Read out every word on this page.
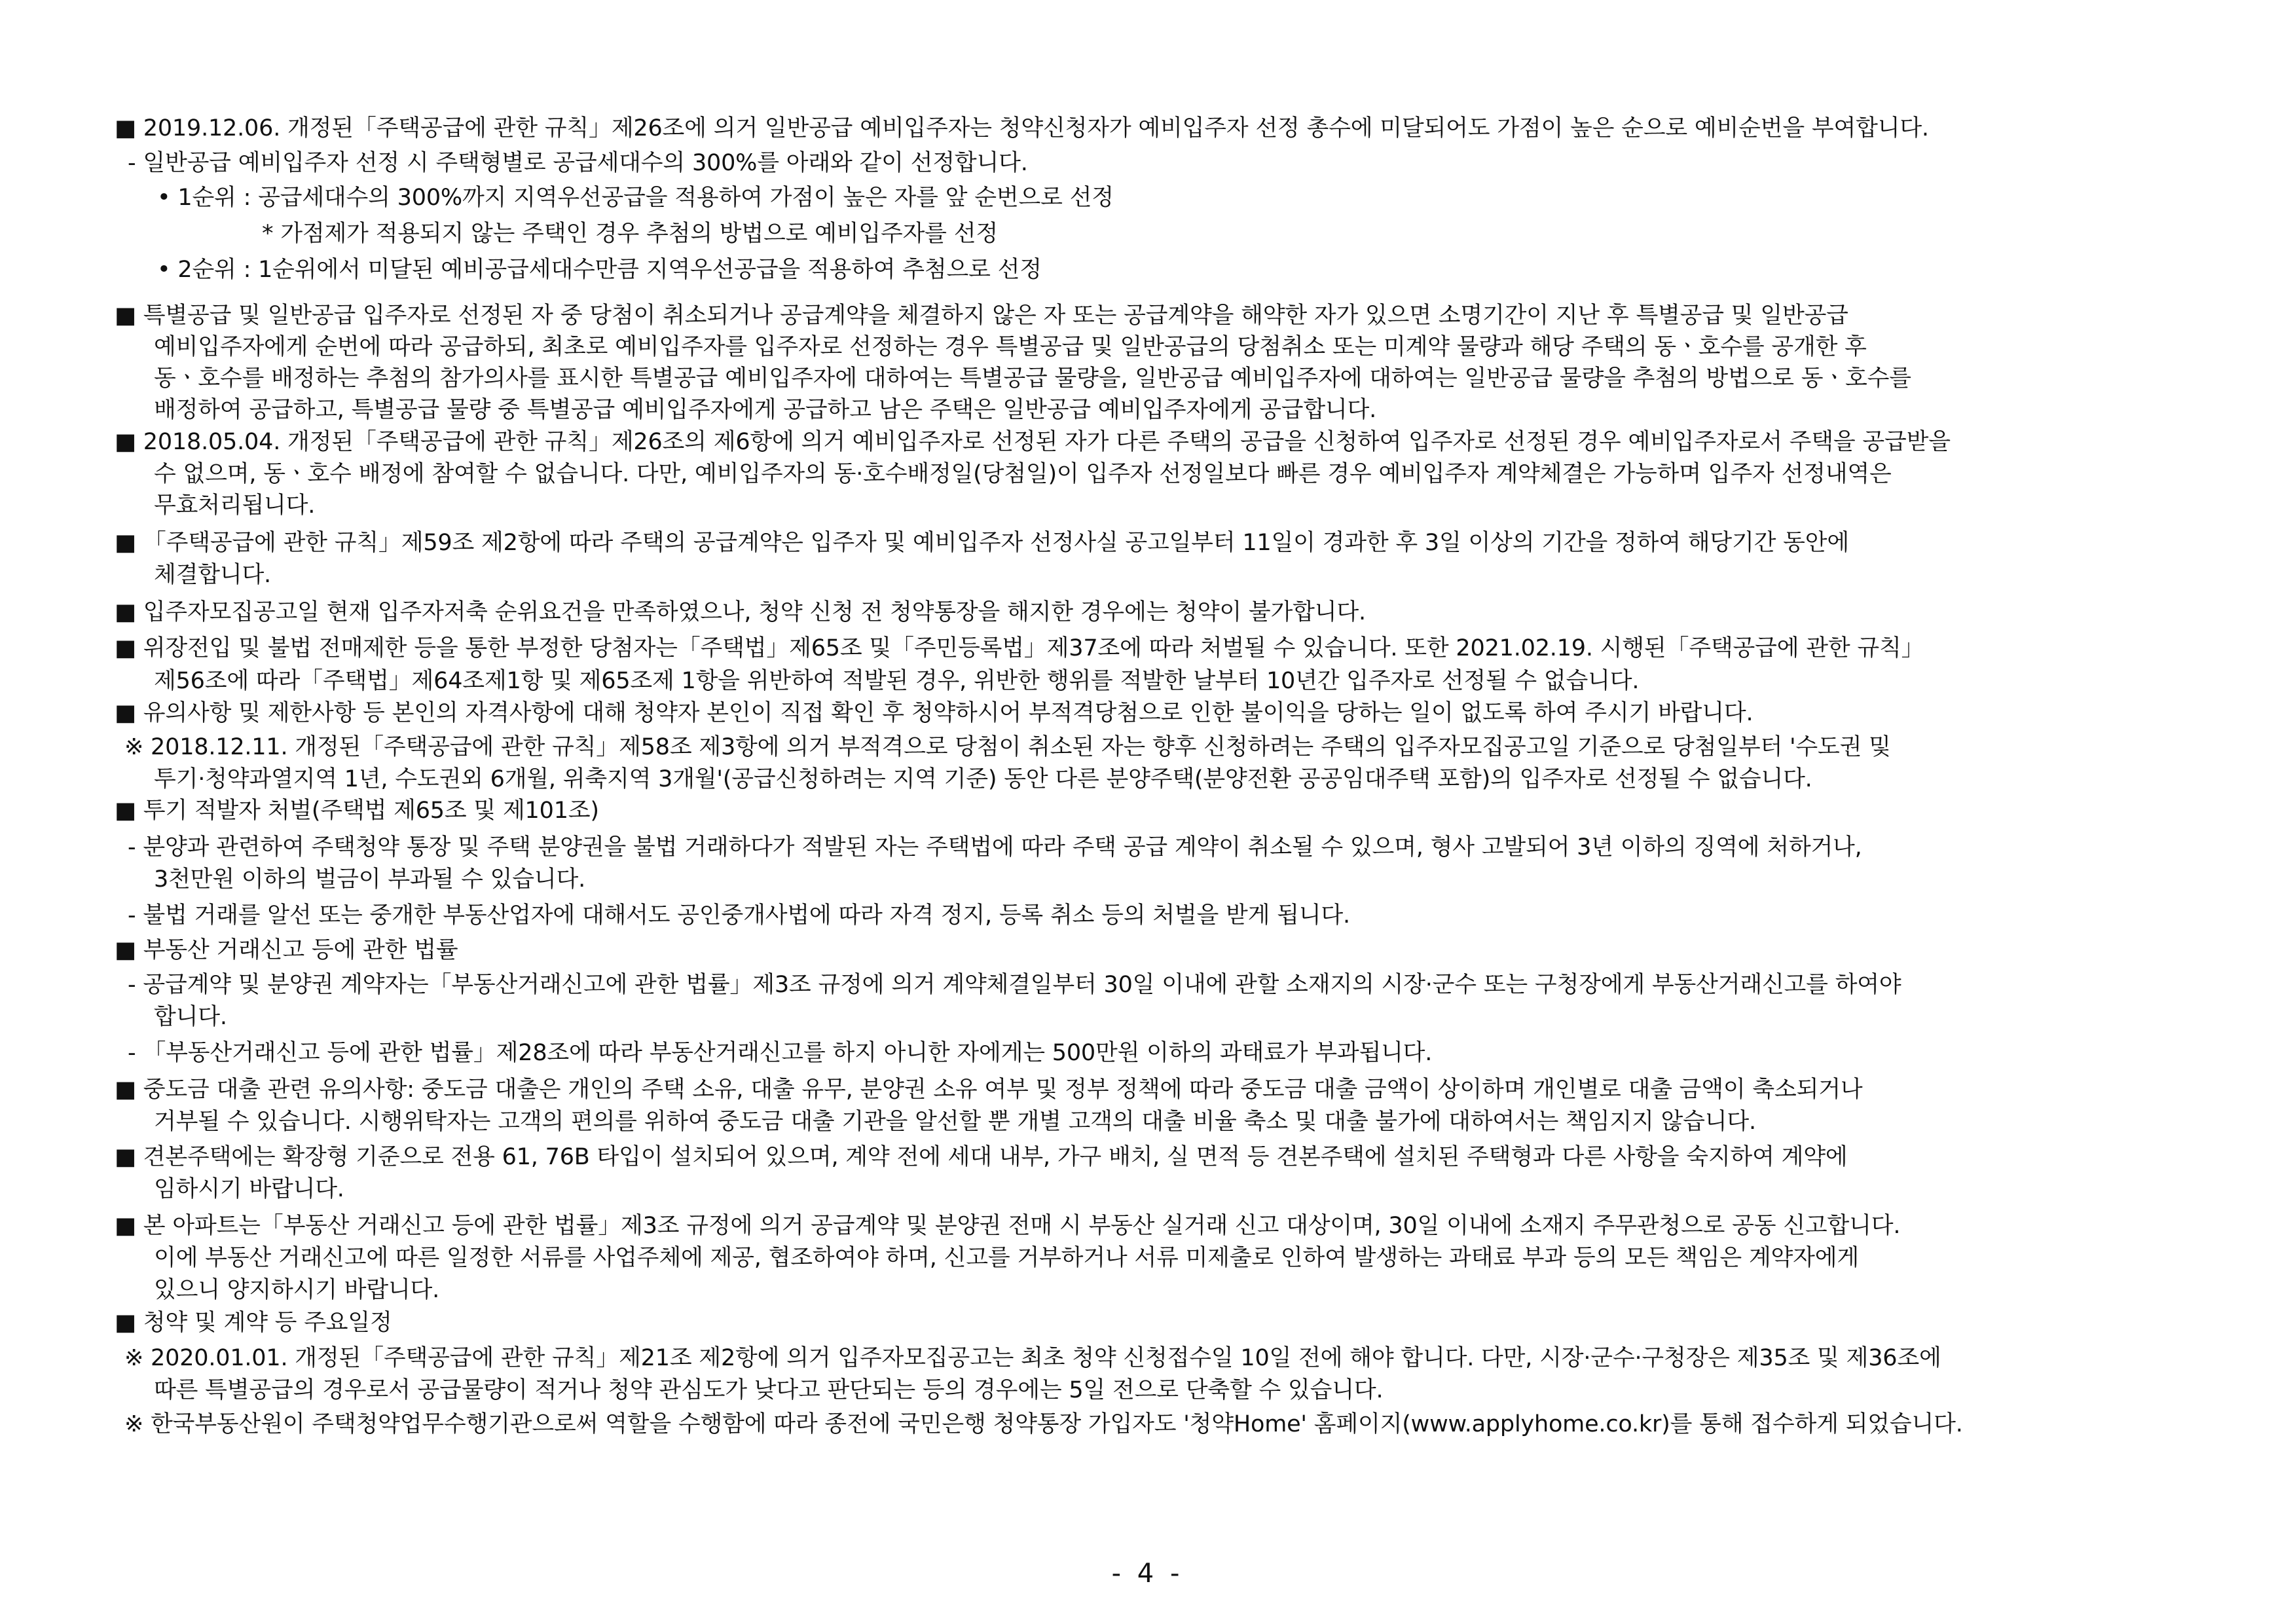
■ 2019.12.06. 개정된「주택공급에 관한 규칙」제26조에 의거 일반공급 예비입주자는 청약신청자가 예비입주자 선정 총수에 미달되어도 가점이 높은 순으로 예비순번을 부여합니다.
- 일반공급 예비입주자 선정 시 주택형별로 공급세대수의 300%를 아래와 같이 선정합니다.
• 1순위 : 공급세대수의 300%까지 지역우선공급을 적용하여 가점이 높은 자를 앞 순번으로 선정
* 가점제가 적용되지 않는 주택인 경우 추첨의 방법으로 예비입주자를 선정
• 2순위 : 1순위에서 미달된 예비공급세대수만큼 지역우선공급을 적용하여 추첨으로 선정
■ 특별공급 및 일반공급 입주자로 선정된 자 중 당첨이 취소되거나 공급계약을 체결하지 않은 자 또는 공급계약을 해약한 자가 있으면 소명기간이 지난 후 특별공급 및 일반공급
예비입주자에게 순번에 따라 공급하되, 최초로 예비입주자를 입주자로 선정하는 경우 특별공급 및 일반공급의 당첨취소 또는 미계약 물량과 해당 주택의 동ㆍ호수를 공개한 후
동ㆍ호수를 배정하는 추첨의 참가의사를 표시한 특별공급 예비입주자에 대하여는 특별공급 물량을, 일반공급 예비입주자에 대하여는 일반공급 물량을 추첨의 방법으로 동ㆍ호수를
배정하여 공급하고, 특별공급 물량 중 특별공급 예비입주자에게 공급하고 남은 주택은 일반공급 예비입주자에게 공급합니다.
■ 2018.05.04. 개정된「주택공급에 관한 규칙」제26조의 제6항에 의거 예비입주자로 선정된 자가 다른 주택의 공급을 신청하여 입주자로 선정된 경우 예비입주자로서 주택을 공급받을
수 없으며, 동ㆍ호수 배정에 참여할 수 없습니다. 다만, 예비입주자의 동·호수배정일(당첨일)이 입주자 선정일보다 빠른 경우 예비입주자 계약체결은 가능하며 입주자 선정내역은
무효처리됩니다.
■ 「주택공급에 관한 규칙」제59조 제2항에 따라 주택의 공급계약은 입주자 및 예비입주자 선정사실 공고일부터 11일이 경과한 후 3일 이상의 기간을 정하여 해당기간 동안에
체결합니다.
■ 입주자모집공고일 현재 입주자저축 순위요건을 만족하였으나, 청약 신청 전 청약통장을 해지한 경우에는 청약이 불가합니다.
■ 위장전입 및 불법 전매제한 등을 통한 부정한 당첨자는「주택법」제65조 및「주민등록법」제37조에 따라 처벌될 수 있습니다. 또한 2021.02.19. 시행된「주택공급에 관한 규칙」
제56조에 따라「주택법」제64조제1항 및 제65조제 1항을 위반하여 적발된 경우, 위반한 행위를 적발한 날부터 10년간 입주자로 선정될 수 없습니다.
■ 유의사항 및 제한사항 등 본인의 자격사항에 대해 청약자 본인이 직접 확인 후 청약하시어 부적격당첨으로 인한 불이익을 당하는 일이 없도록 하여 주시기 바랍니다.
※ 2018.12.11. 개정된「주택공급에 관한 규칙」제58조 제3항에 의거 부적격으로 당첨이 취소된 자는 향후 신청하려는 주택의 입주자모집공고일 기준으로 당첨일부터 '수도권 및
투기·청약과열지역 1년, 수도권외 6개월, 위축지역 3개월'(공급신청하려는 지역 기준) 동안 다른 분양주택(분양전환 공공임대주택 포함)의 입주자로 선정될 수 없습니다.
■ 투기 적발자 처벌(주택법 제65조 및 제101조)
- 분양과 관련하여 주택청약 통장 및 주택 분양권을 불법 거래하다가 적발된 자는 주택법에 따라 주택 공급 계약이 취소될 수 있으며, 형사 고발되어 3년 이하의 징역에 처하거나,
3천만원 이하의 벌금이 부과될 수 있습니다.
- 불법 거래를 알선 또는 중개한 부동산업자에 대해서도 공인중개사법에 따라 자격 정지, 등록 취소 등의 처벌을 받게 됩니다.
■ 부동산 거래신고 등에 관한 법률
- 공급계약 및 분양권 계약자는「부동산거래신고에 관한 법률」제3조 규정에 의거 계약체결일부터 30일 이내에 관할 소재지의 시장·군수 또는 구청장에게 부동산거래신고를 하여야
합니다.
- 「부동산거래신고 등에 관한 법률」제28조에 따라 부동산거래신고를 하지 아니한 자에게는 500만원 이하의 과태료가 부과됩니다.
■ 중도금 대출 관련 유의사항: 중도금 대출은 개인의 주택 소유, 대출 유무, 분양권 소유 여부 및 정부 정책에 따라 중도금 대출 금액이 상이하며 개인별로 대출 금액이 축소되거나
거부될 수 있습니다. 시행위탁자는 고객의 편의를 위하여 중도금 대출 기관을 알선할 뿐 개별 고객의 대출 비율 축소 및 대출 불가에 대하여서는 책임지지 않습니다.
■ 견본주택에는 확장형 기준으로 전용 61, 76B 타입이 설치되어 있으며, 계약 전에 세대 내부, 가구 배치, 실 면적 등 견본주택에 설치된 주택형과 다른 사항을 숙지하여 계약에
임하시기 바랍니다.
■ 본 아파트는「부동산 거래신고 등에 관한 법률」제3조 규정에 의거 공급계약 및 분양권 전매 시 부동산 실거래 신고 대상이며, 30일 이내에 소재지 주무관청으로 공동 신고합니다.
이에 부동산 거래신고에 따른 일정한 서류를 사업주체에 제공, 협조하여야 하며, 신고를 거부하거나 서류 미제출로 인하여 발생하는 과태료 부과 등의 모든 책임은 계약자에게
있으니 양지하시기 바랍니다.
■ 청약 및 계약 등 주요일정
※ 2020.01.01. 개정된「주택공급에 관한 규칙」제21조 제2항에 의거 입주자모집공고는 최초 청약 신청접수일 10일 전에 해야 합니다. 다만, 시장·군수·구청장은 제35조 및 제36조에
따른 특별공급의 경우로서 공급물량이 적거나 청약 관심도가 낮다고 판단되는 등의 경우에는 5일 전으로 단축할 수 있습니다.
※ 한국부동산원이 주택청약업무수행기관으로써 역할을 수행함에 따라 종전에 국민은행 청약통장 가입자도 '청약Home' 홈페이지(www.applyhome.co.kr)를 통해 접수하게 되었습니다.
- 4 -
